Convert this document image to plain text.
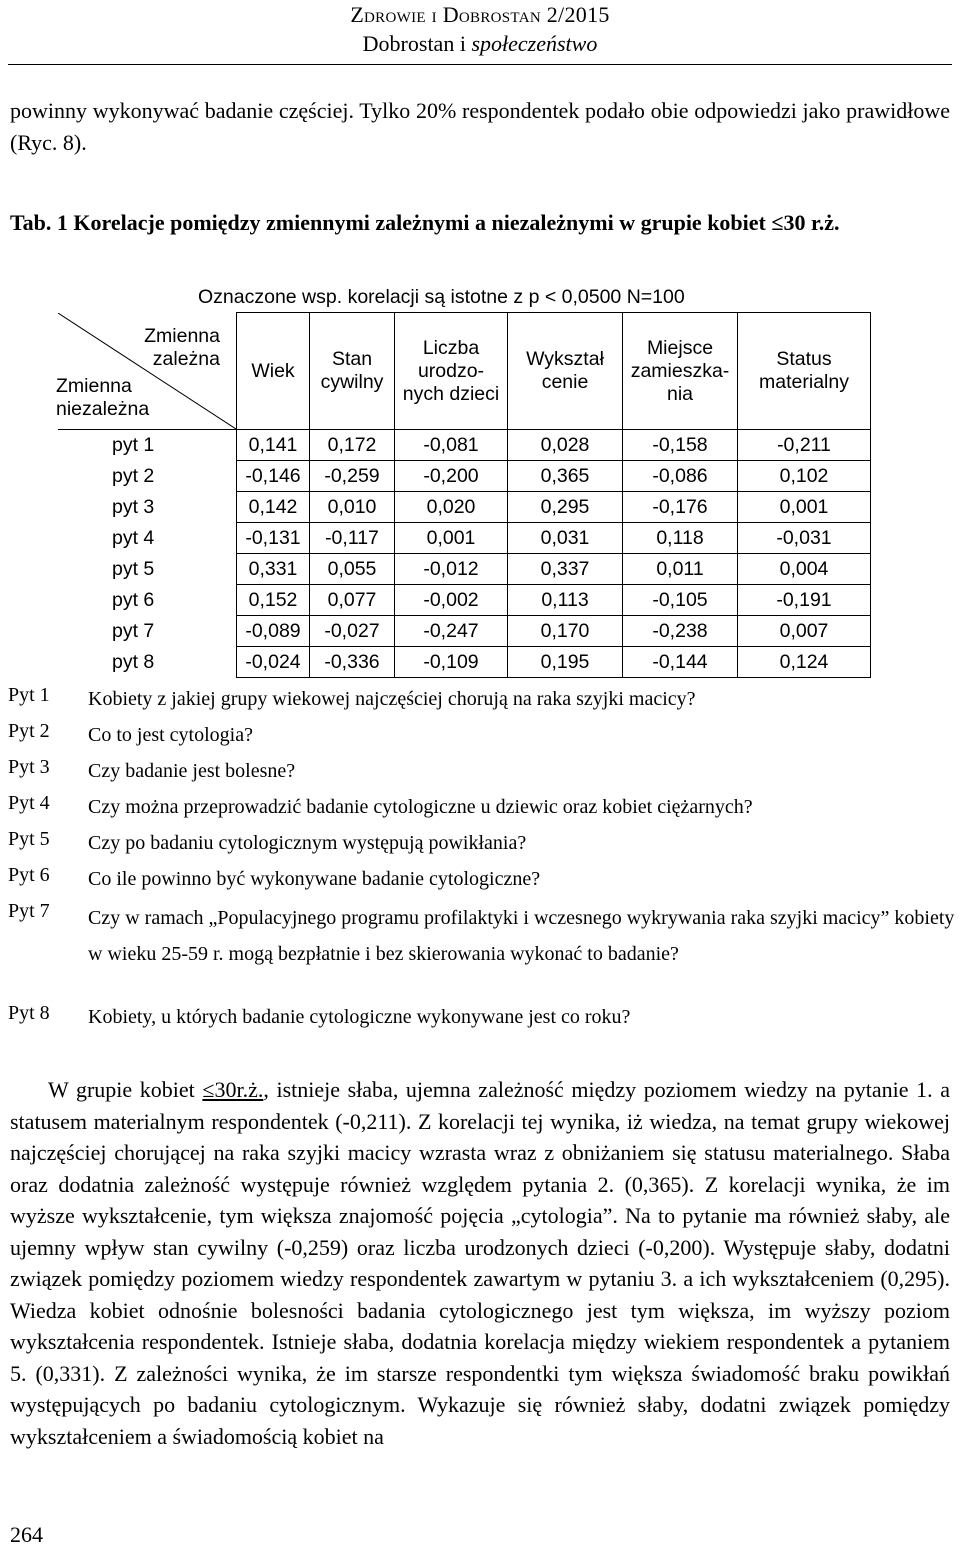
Zdrowie i Dobrostan 2/2015
Dobrostan i społeczeństwo
powinny wykonywać badanie częściej. Tylko 20% respondentek podało obie odpowiedzi jako prawidłowe (Ryc. 8).
Tab. 1 Korelacje pomiędzy zmiennymi zależnymi a niezależnymi w grupie kobiet ≤30 r.ż.
Oznaczone wsp. korelacji są istotne z p < 0,0500 N=100
Zmienna zależna
Zmienna niezależna	Wiek	Stan cywilny	Liczba urodzo- nych dzieci	Wykształ cenie	Miejsce zamieszka- nia	Status materialny
pyt 1	0,141	0,172	-0,081	0,028	-0,158	-0,211
pyt 2	-0,146	-0,259	-0,200	0,365	-0,086	0,102
pyt 3	0,142	0,010	0,020	0,295	-0,176	0,001
pyt 4	-0,131	-0,117	0,001	0,031	0,118	-0,031
pyt 5	0,331	0,055	-0,012	0,337	0,011	0,004
pyt 6	0,152	0,077	-0,002	0,113	-0,105	-0,191
pyt 7	-0,089	-0,027	-0,247	0,170	-0,238	0,007
pyt 8	-0,024	-0,336	-0,109	0,195	-0,144	0,124
Pyt 1	Kobiety z jakiej grupy wiekowej najczęściej chorują na raka szyjki macicy?
Pyt 2	Co to jest cytologia?
Pyt 3	Czy badanie jest bolesne?
Pyt 4	Czy można przeprowadzić badanie cytologiczne u dziewic oraz kobiet ciężarnych?
Pyt 5	Czy po badaniu cytologicznym występują powikłania?
Pyt 6	Co ile powinno być wykonywane badanie cytologiczne?
Pyt 7	Czy w ramach „Populacyjnego programu profilaktyki i wczesnego wykrywania raka szyjki macicy” kobiety w wieku 25-59 r. mogą bezpłatnie i bez skierowania wykonać to badanie?
Pyt 8	Kobiety, u których badanie cytologiczne wykonywane jest co roku?
W grupie kobiet ≤30r.ż., istnieje słaba, ujemna zależność między poziomem wiedzy na pytanie 1. a statusem materialnym respondentek (-0,211). Z korelacji tej wynika, iż wiedza, na temat grupy wiekowej najczęściej chorującej na raka szyjki macicy wzrasta wraz z obniżaniem się statusu materialnego. Słaba oraz dodatnia zależność występuje również względem pytania 2. (0,365). Z korelacji wynika, że im wyższe wykształcenie, tym większa znajomość pojęcia „cytologia”. Na to pytanie ma również słaby, ale ujemny wpływ stan cywilny (-0,259) oraz liczba urodzonych dzieci (-0,200). Występuje słaby, dodatni związek pomiędzy poziomem wiedzy respondentek zawartym w pytaniu 3. a ich wykształceniem (0,295). Wiedza kobiet odnośnie bolesności badania cytologicznego jest tym większa, im wyższy poziom wykształcenia respondentek. Istnieje słaba, dodatnia korelacja między wiekiem respondentek a pytaniem 5. (0,331). Z zależności wynika, że im starsze respondentki tym większa świadomość braku powikłań występujących po badaniu cytologicznym. Wykazuje się również słaby, dodatni związek pomiędzy wykształceniem a świadomością kobiet na
264
